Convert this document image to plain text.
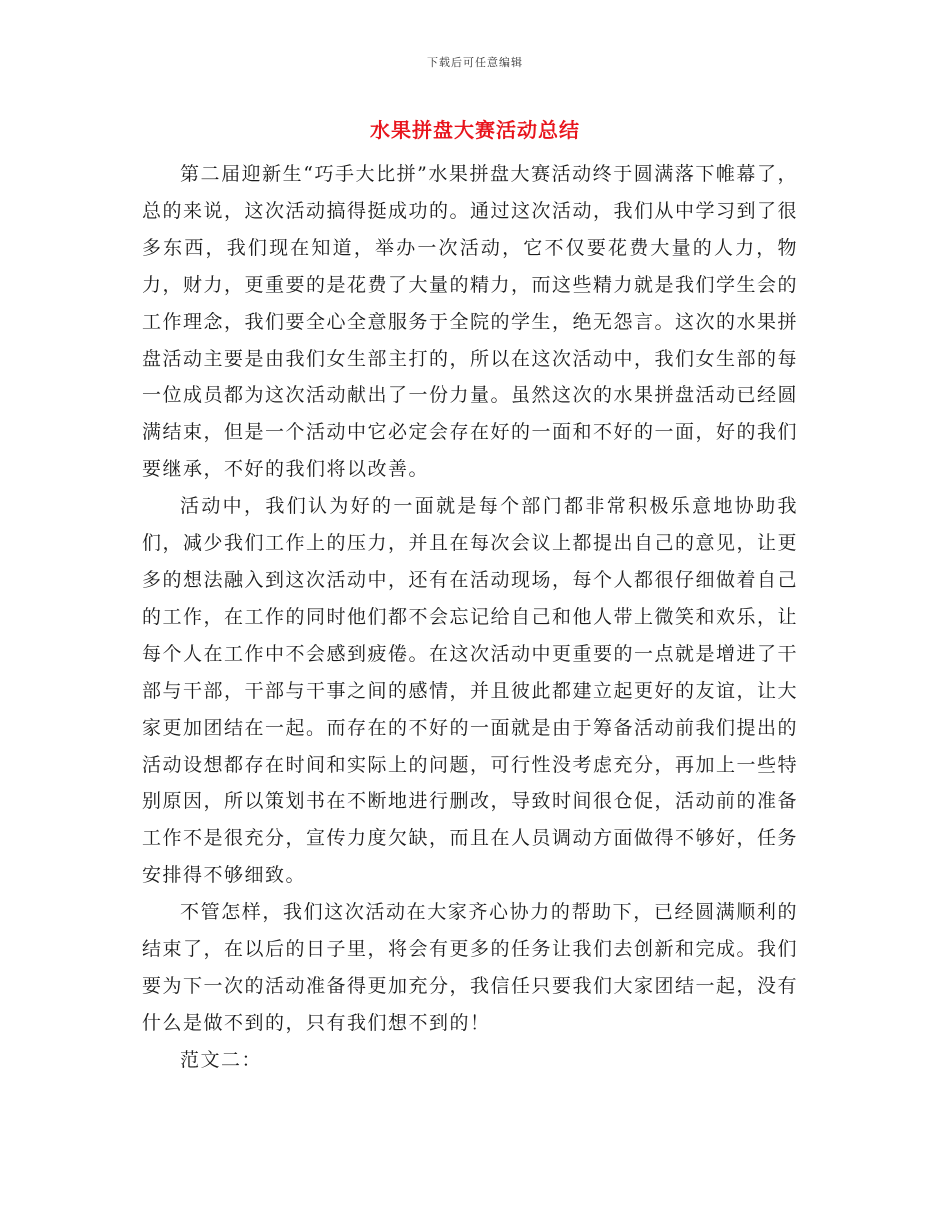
下载后可任意编辑
水果拼盘大赛活动总结

第二届迎新生“巧手大比拼”水果拼盘大赛活动终于圆满落下帷幕了，总的来说，这次活动搞得挺成功的。通过这次活动，我们从中学习到了很多东西，我们现在知道，举办一次活动，它不仅要花费大量的人力，物力，财力，更重要的是花费了大量的精力，而这些精力就是我们学生会的工作理念，我们要全心全意服务于全院的学生，绝无怨言。这次的水果拼盘活动主要是由我们女生部主打的，所以在这次活动中，我们女生部的每一位成员都为这次活动献出了一份力量。虽然这次的水果拼盘活动已经圆满结束，但是一个活动中它必定会存在好的一面和不好的一面，好的我们要继承，不好的我们将以改善。

活动中，我们认为好的一面就是每个部门都非常积极乐意地协助我们，减少我们工作上的压力，并且在每次会议上都提出自己的意见，让更多的想法融入到这次活动中，还有在活动现场，每个人都很仔细做着自己的工作，在工作的同时他们都不会忘记给自己和他人带上微笑和欢乐，让每个人在工作中不会感到疲倦。在这次活动中更重要的一点就是增进了干部与干部，干部与干事之间的感情，并且彼此都建立起更好的友谊，让大家更加团结在一起。而存在的不好的一面就是由于筹备活动前我们提出的活动设想都存在时间和实际上的问题，可行性没考虑充分，再加上一些特别原因，所以策划书在不断地进行删改，导致时间很仓促，活动前的准备工作不是很充分，宣传力度欠缺，而且在人员调动方面做得不够好，任务安排得不够细致。

不管怎样，我们这次活动在大家齐心协力的帮助下，已经圆满顺利的结束了，在以后的日子里，将会有更多的任务让我们去创新和完成。我们要为下一次的活动准备得更加充分，我信任只要我们大家团结一起，没有什么是做不到的，只有我们想不到的！

范文二：
